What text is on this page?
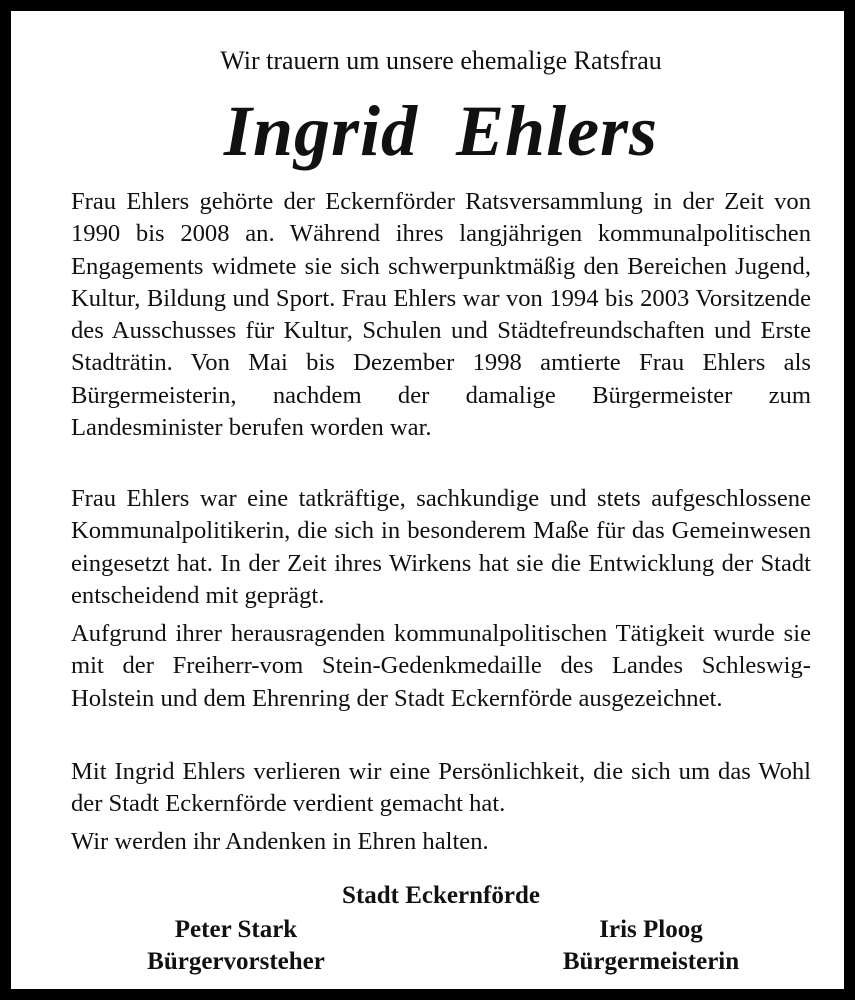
Wir trauern um unsere ehemalige Ratsfrau
Ingrid  Ehlers

Frau Ehlers gehörte der Eckernförder Ratsversammlung in der Zeit von 1990 bis 2008 an. Während ihres langjährigen kommunalpolitischen Engagements widmete sie sich schwerpunktmäßig den Bereichen Jugend, Kultur, Bildung und Sport. Frau Ehlers war von 1994 bis 2003 Vorsitzende des Ausschusses für Kultur, Schulen und Städtefreundschaften und Erste Stadträtin. Von Mai bis Dezember 1998 amtierte Frau Ehlers als Bürgermeisterin, nachdem der damalige Bürgermeister zum Landesminister berufen worden war.

Frau Ehlers war eine tatkräftige, sachkundige und stets aufgeschlossene Kommunalpolitikerin, die sich in besonderem Maße für das Gemeinwesen eingesetzt hat. In der Zeit ihres Wirkens hat sie die Entwicklung der Stadt entscheidend mit geprägt.

Aufgrund ihrer herausragenden kommunalpolitischen Tätigkeit wurde sie mit der Freiherr-vom Stein-Gedenkmedaille des Landes Schleswig-Holstein und dem Ehrenring der Stadt Eckernförde ausgezeichnet.

Mit Ingrid Ehlers verlieren wir eine Persönlichkeit, die sich um das Wohl der Stadt Eckernförde verdient gemacht hat.

Wir werden ihr Andenken in Ehren halten.

Stadt Eckernförde
Peter Stark
Bürgervorsteher
Iris Ploog
Bürgermeisterin
